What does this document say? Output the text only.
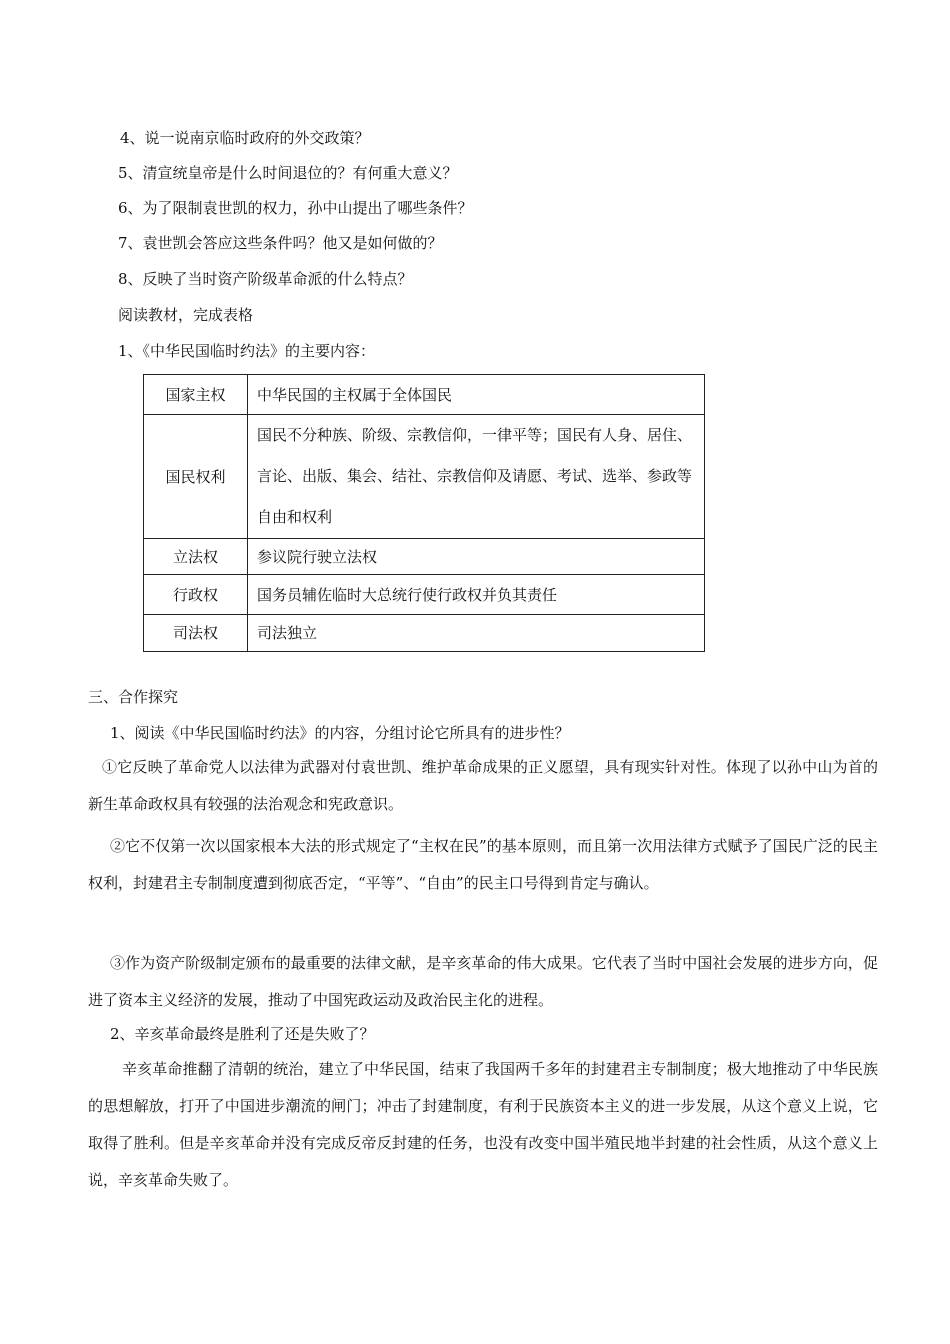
4、说一说南京临时政府的外交政策？
5、清宣统皇帝是什么时间退位的？有何重大意义？
6、为了限制袁世凯的权力，孙中山提出了哪些条件？
7、袁世凯会答应这些条件吗？他又是如何做的？
8、反映了当时资产阶级革命派的什么特点？
阅读教材，完成表格
1、《中华民国临时约法》的主要内容：
国家主权	中华民国的主权属于全体国民
国民权利	国民不分种族、阶级、宗教信仰，一律平等；国民有人身、居住、言论、出版、集会、结社、宗教信仰及请愿、考试、选举、参政等自由和权利
立法权	参议院行驶立法权
行政权	国务员辅佐临时大总统行使行政权并负其责任
司法权	司法独立
三、合作探究
1、阅读《中华民国临时约法》的内容，分组讨论它所具有的进步性？
①它反映了革命党人以法律为武器对付袁世凯、维护革命成果的正义愿望，具有现实针对性。体现了以孙中山为首的新生革命政权具有较强的法治观念和宪政意识。
②它不仅第一次以国家根本大法的形式规定了“主权在民”的基本原则，而且第一次用法律方式赋予了国民广泛的民主权利，封建君主专制制度遭到彻底否定，“平等”、“自由”的民主口号得到肯定与确认。
③作为资产阶级制定颁布的最重要的法律文献，是辛亥革命的伟大成果。它代表了当时中国社会发展的进步方向，促进了资本主义经济的发展，推动了中国宪政运动及政治民主化的进程。
2、辛亥革命最终是胜利了还是失败了？
辛亥革命推翻了清朝的统治，建立了中华民国，结束了我国两千多年的封建君主专制制度；极大地推动了中华民族的思想解放，打开了中国进步潮流的闸门；冲击了封建制度，有利于民族资本主义的进一步发展，从这个意义上说，它取得了胜利。但是辛亥革命并没有完成反帝反封建的任务，也没有改变中国半殖民地半封建的社会性质，从这个意义上说，辛亥革命失败了。
